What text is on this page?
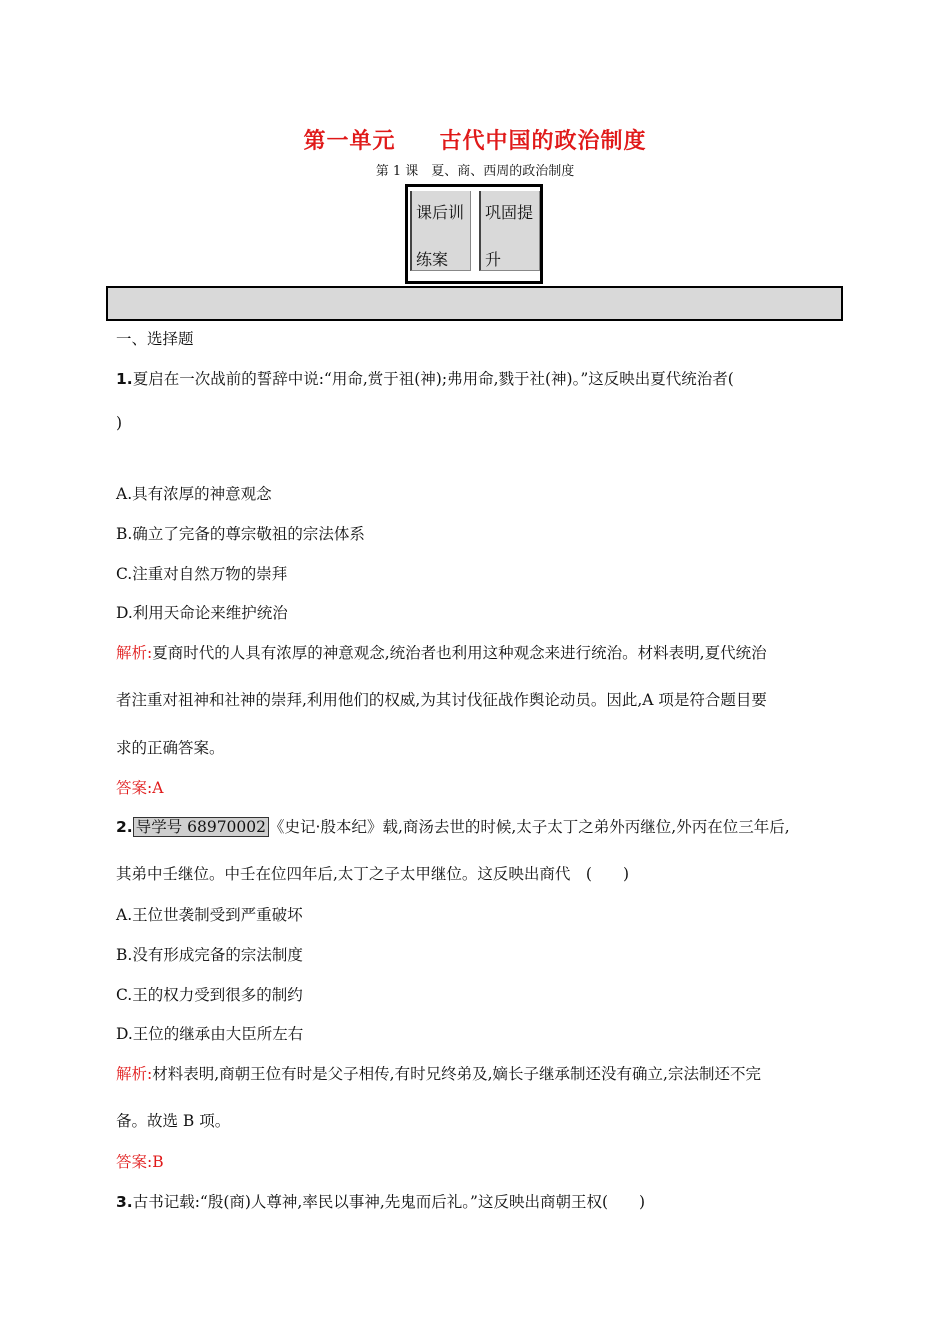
第一单元 古代中国的政治制度
第 1 课　夏、商、西周的政治制度
课后训
练案
巩固提
升
一、选择题
1.夏启在一次战前的誓辞中说:“用命,赏于祖(神);弗用命,戮于社(神)。”这反映出夏代统治者(
)
A.具有浓厚的神意观念
B.确立了完备的尊宗敬祖的宗法体系
C.注重对自然万物的崇拜
D.利用天命论来维护统治
解析:夏商时代的人具有浓厚的神意观念,统治者也利用这种观念来进行统治。材料表明,夏代统治
者注重对祖神和社神的崇拜,利用他们的权威,为其讨伐征战作舆论动员。因此,A 项是符合题目要
求的正确答案。
答案:A
2. 导学号 68970002 《史记·殷本纪》载,商汤去世的时候,太子太丁之弟外丙继位,外丙在位三年后,
其弟中壬继位。中壬在位四年后,太丁之子太甲继位。这反映出商代　(　　)
A.王位世袭制受到严重破坏
B.没有形成完备的宗法制度
C.王的权力受到很多的制约
D.王位的继承由大臣所左右
解析:材料表明,商朝王位有时是父子相传,有时兄终弟及,嫡长子继承制还没有确立,宗法制还不完
备。故选 B 项。
答案:B
3.古书记载:“殷(商)人尊神,率民以事神,先鬼而后礼。”这反映出商朝王权(　　)
